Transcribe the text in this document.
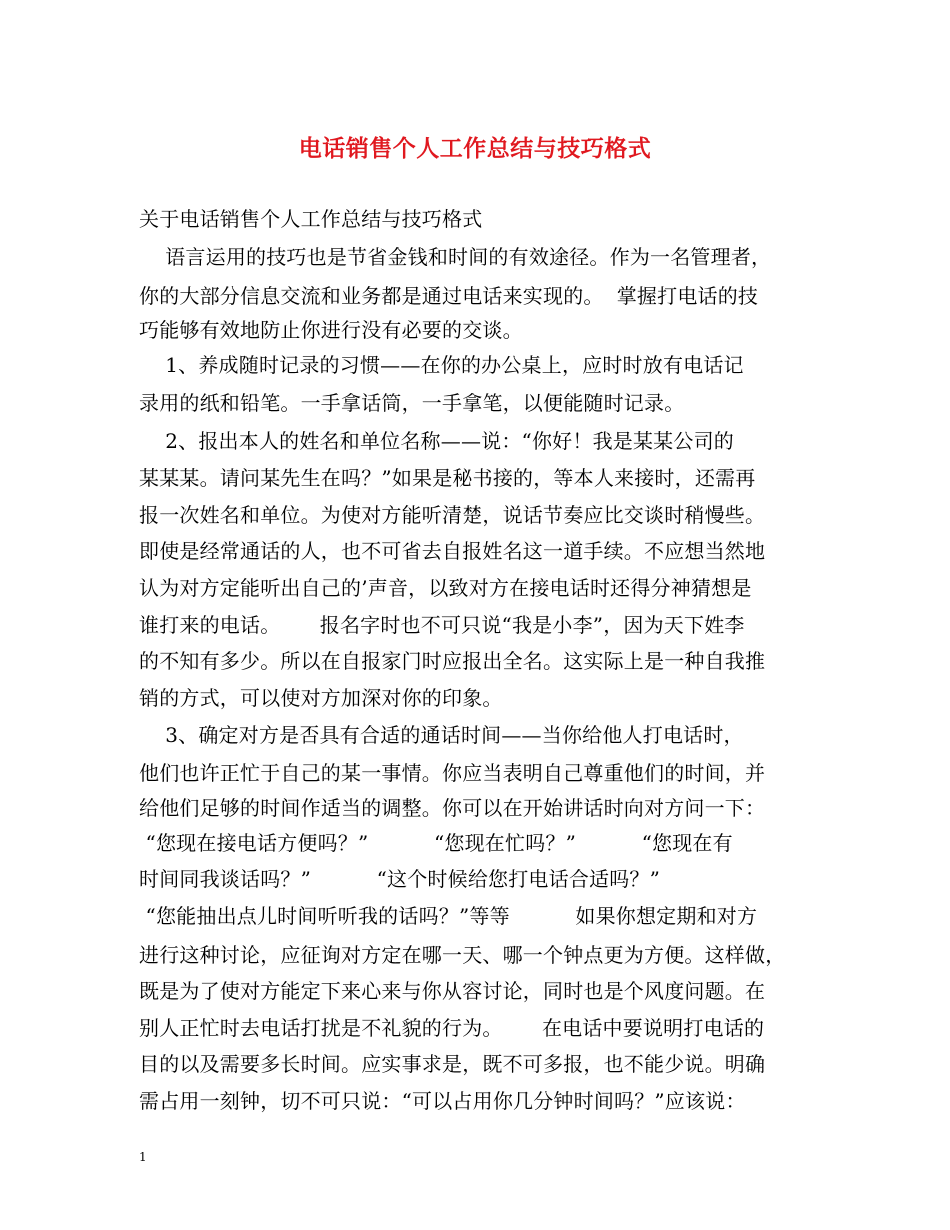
电话销售个人工作总结与技巧格式

关于电话销售个人工作总结与技巧格式

语言运用的技巧也是节省金钱和时间的有效途径。作为一名管理者，

你的大部分信息交流和业务都是通过电话来实现的。  掌握打电话的技

巧能够有效地防止你进行没有必要的交谈。

1、养成随时记录的习惯——在你的办公桌上，应时时放有电话记

录用的纸和铅笔。一手拿话筒，一手拿笔，以便能随时记录。

2、报出本人的姓名和单位名称——说：“你好！我是某某公司的

某某某。请问某先生在吗？”如果是秘书接的，等本人来接时，还需再

报一次姓名和单位。为使对方能听清楚，说话节奏应比交谈时稍慢些。

即使是经常通话的人，也不可省去自报姓名这一道手续。不应想当然地

认为对方定能听出自己的’声音，以致对方在接电话时还得分神猜想是

谁打来的电话。      报名字时也不可只说“我是小李”，因为天下姓李

的不知有多少。所以在自报家门时应报出全名。这实际上是一种自我推

销的方式，可以使对方加深对你的印象。

3、确定对方是否具有合适的通话时间——当你给他人打电话时，

他们也许正忙于自己的某一事情。你应当表明自己尊重他们的时间，并

给他们足够的时间作适当的调整。你可以在开始讲话时向对方问一下：

“您现在接电话方便吗？”          “您现在忙吗？”          “您现在有

时间同我谈话吗？”          “这个时候给您打电话合适吗？”

“您能抽出点儿时间听听我的话吗？”等等          如果你想定期和对方

进行这种讨论，应征询对方定在哪一天、哪一个钟点更为方便。这样做，

既是为了使对方能定下来心来与你从容讨论，同时也是个风度问题。在

别人正忙时去电话打扰是不礼貌的行为。      在电话中要说明打电话的

目的以及需要多长时间。应实事求是，既不可多报，也不能少说。明确

需占用一刻钟，切不可只说：“可以占用你几分钟时间吗？”应该说：

1
